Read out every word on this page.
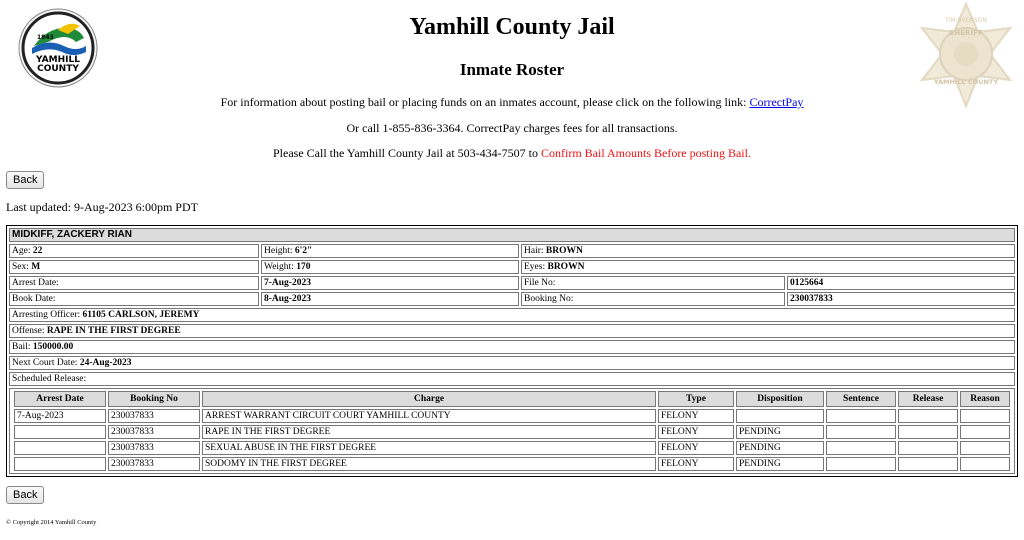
1843
YAMHILL
COUNTY
TIM SVENSON
SHERIFF
YAMHILL COUNTY
Yamhill County Jail
Inmate Roster
For information about posting bail or placing funds on an inmates account, please click on the following link: CorrectPay
Or call 1-855-836-3364. CorrectPay charges fees for all transactions.
Please Call the Yamhill County Jail at 503-434-7507 to Confirm Bail Amounts Before posting Bail.
Back
Last updated: 9-Aug-2023 6:00pm PDT
MIDKIFF, ZACKERY RIAN
Age: 22	Height: 6'2"	Hair: BROWN
Sex: M	Weight: 170	Eyes: BROWN
Arrest Date:	7-Aug-2023	File No:	0125664
Book Date:	8-Aug-2023	Booking No:	230037833
Arresting Officer: 61105 CARLSON, JEREMY
Offense: RAPE IN THE FIRST DEGREE
Bail: 150000.00
Next Court Date: 24-Aug-2023
Scheduled Release:

Arrest Date	Booking No	Charge	Type	Disposition	Sentence	Release	Reason
7-Aug-2023	230037833	ARREST WARRANT CIRCUIT COURT YAMHILL COUNTY	FELONY				
	230037833	RAPE IN THE FIRST DEGREE	FELONY	PENDING			
	230037833	SEXUAL ABUSE IN THE FIRST DEGREE	FELONY	PENDING			
	230037833	SODOMY IN THE FIRST DEGREE	FELONY	PENDING			
Back
© Copyright 2014 Yamhill County
